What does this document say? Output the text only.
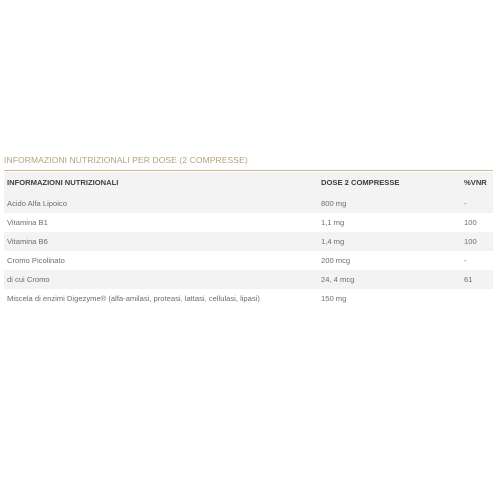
INFORMAZIONI NUTRIZIONALI PER DOSE (2 COMPRESSE)
INFORMAZIONI NUTRIZIONALI	DOSE 2 COMPRESSE	%VNR
Acido Alfa Lipoico	800 mg	-
Vitamina B1	1,1 mg	100
Vitamina B6	1,4 mg	100
Cromo Picolinato	200 mcg	-
di cui Cromo	24, 4 mcg	61
Miscela di enzimi Digezyme® (alfa-amilasi, proteasi, lattasi, cellulasi, lipasi)	150 mg
